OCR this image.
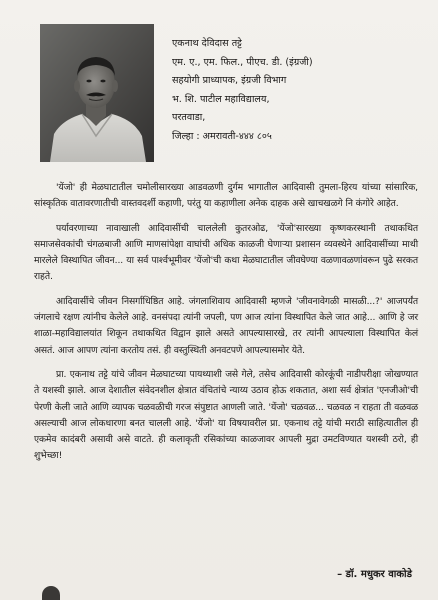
एकनाथ देविदास तट्टे
एम. ए., एम. फिल., पीएच. डी. (इंग्रजी)
सहयोगी प्राध्यापक, इंग्रजी विभाग
भ. शि. पाटील महाविद्यालय,
परतवाडा,
जिल्हा : अमरावती-४४४ ८०५

'येंजो' ही मेळघाटातील चमोलीसारख्या आडवळणी दुर्गम भागातील आदिवासी तुमला-हिरय यांच्या सांसारिक, सांस्कृतिक वातावरणातीची वास्तवदर्शी कहाणी, परंतु या कहाणीला अनेक दाहक असे खाचखळगे नि कंगोरे आहेत.

पर्यावरणाच्या नावाखाली आदिवासींची चाललेली कुतरओढ, 'येंजो'सारख्या कृष्णकरस्थानी तथाकथित समाजसेवकांची चंगळबाजी आणि माणसांपेक्षा वाघांची अधिक काळजी घेणाऱ्या प्रशासन व्यवस्थेने आदिवासींच्या माथी मारलेले विस्थापित जीवन... या सर्व पार्श्वभूमीवर 'येंजो'ची कथा मेळघाटातील जीवघेण्या वळणावळणांवरून पुढे सरकत राहते.

आदिवासींचे जीवन निसर्गाधिष्ठित आहे. जंगलाशिवाय आदिवासी म्हणजे 'जीवनावेगळी मासळी...?' आजपर्यंत जंगलाचे रक्षण त्यांनीच केलेले आहे. वनसंपदा त्यांनी जपली, पण आज त्यांना विस्थापित केले जात आहे... आणि हे जर शाळा-महाविद्यालयांत शिकून तथाकथित विद्वान झाले असते आपल्यासारखे, तर त्यांनी आपल्याला विस्थापित केलं असतं. आज आपण त्यांना करतोय तसं. ही वस्तुस्थिती अनवटपणे आपल्यासमोर येते.

प्रा. एकनाथ तट्टे यांचे जीवन मेळघाटच्या पायथ्याशी जसे गेले, तसेच आदिवासी कोरकूंची नाडीपरीक्षा जोखण्यात ते यशस्वी झाले. आज देशातील संवेदनशील क्षेत्रात वंचितांचे न्याय्य उठाव होऊ शकतात, अशा सर्व क्षेत्रांत 'एनजीओ'ची पेरणी केली जाते आणि व्यापक चळवळीची गरज संपुष्टात आणली जाते. 'येंजो' चळवळ... चळवळ न राहता ती वळवळ असल्याची आज लोकधारणा बनत चालली आहे. 'येंजो' या विषयावरील प्रा. एकनाथ तट्टे यांची मराठी साहित्यातील ही एकमेव कादंबरी असावी असे वाटते. ही कलाकृती रसिकांच्या काळजावर आपली मुद्रा उमटविण्यात यशस्वी ठरो, ही शुभेच्छा!

– डॉ. मधुकर वाकोडे
